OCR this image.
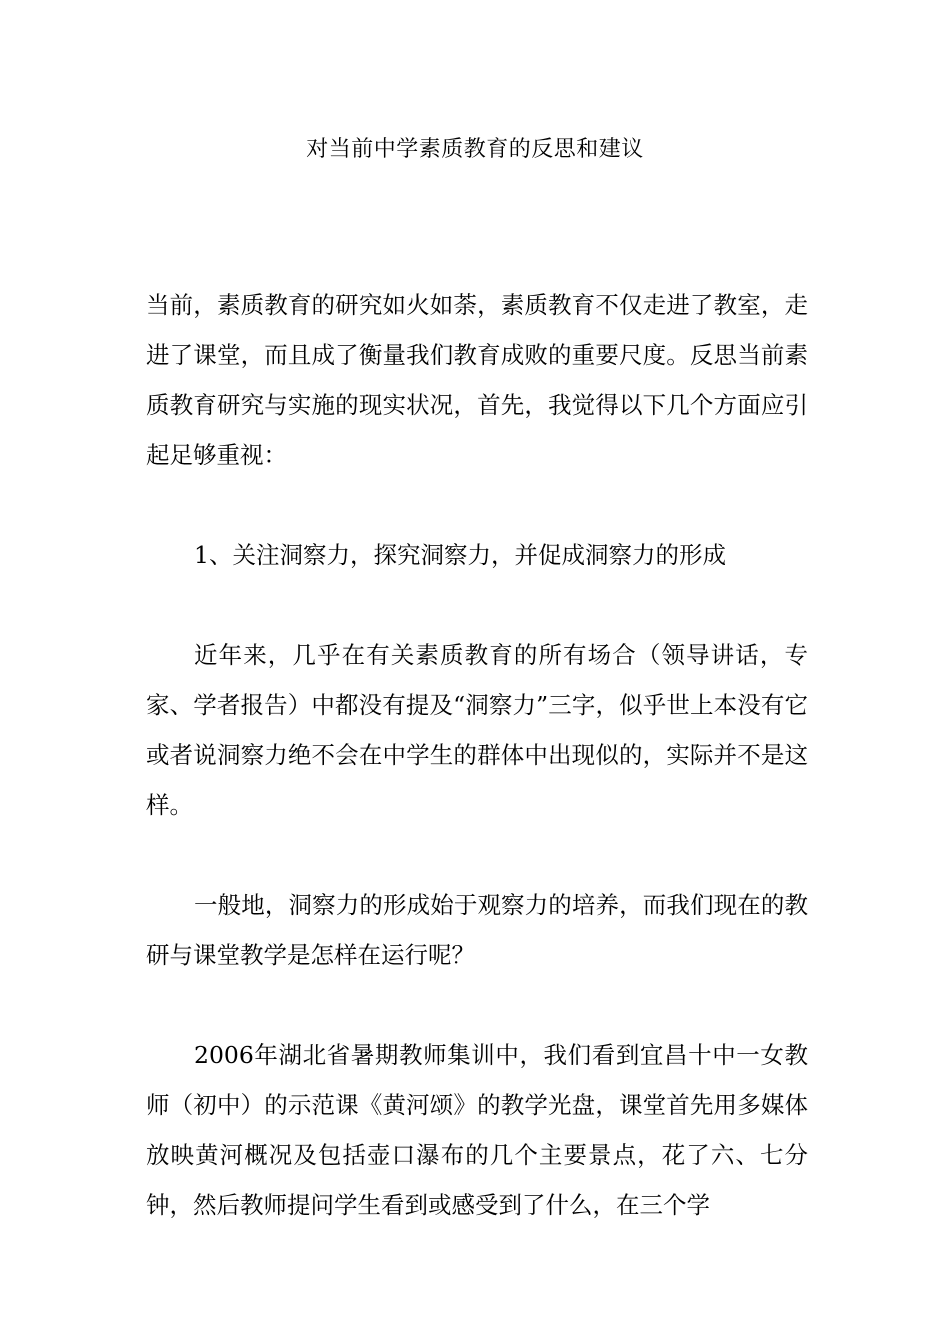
对当前中学素质教育的反思和建议

当前，素质教育的研究如火如荼，素质教育不仅走进了教室，走进了课堂，而且成了衡量我们教育成败的重要尺度。反思当前素质教育研究与实施的现实状况，首先，我觉得以下几个方面应引起足够重视：

1、关注洞察力，探究洞察力，并促成洞察力的形成

近年来，几乎在有关素质教育的所有场合（领导讲话，专家、学者报告）中都没有提及“洞察力”三字，似乎世上本没有它或者说洞察力绝不会在中学生的群体中出现似的，实际并不是这样。

一般地，洞察力的形成始于观察力的培养，而我们现在的教研与课堂教学是怎样在运行呢？

2006年湖北省暑期教师集训中，我们看到宜昌十中一女教师（初中）的示范课《黄河颂》的教学光盘，课堂首先用多媒体放映黄河概况及包括壶口瀑布的几个主要景点，花了六、七分钟，然后教师提问学生看到或感受到了什么，在三个学
